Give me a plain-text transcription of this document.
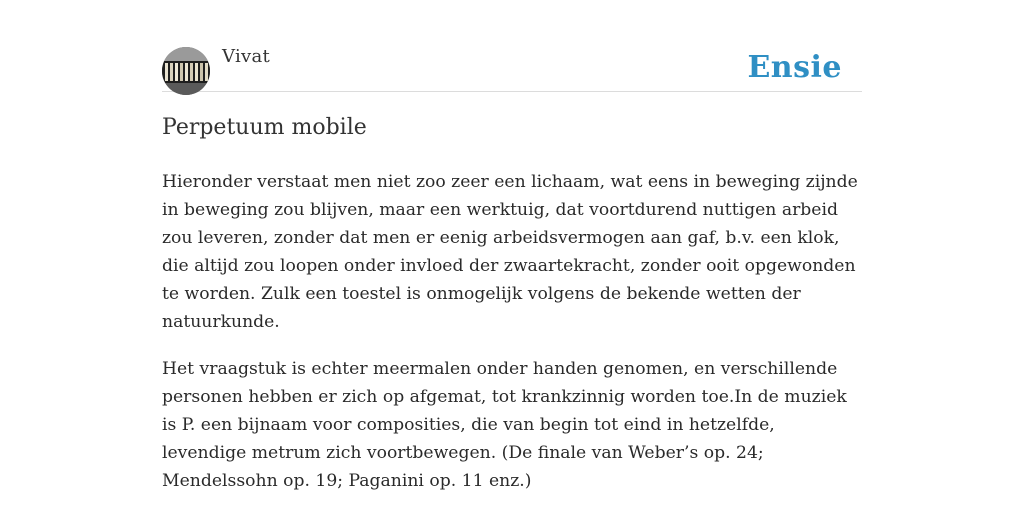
Vivat	Ensie
Perpetuum mobile

Hieronder verstaat men niet zoo zeer een lichaam, wat eens in beweging zijnde in beweging zou blijven, maar een werktuig, dat voortdurend nuttigen arbeid zou leveren, zonder dat men er eenig arbeidsvermogen aan gaf, b.v. een klok, die altijd zou loopen onder invloed der zwaartekracht, zonder ooit opgewonden te worden. Zulk een toestel is onmogelijk volgens de bekende wetten der natuurkunde.

Het vraagstuk is echter meermalen onder handen genomen, en verschillende personen hebben er zich op afgemat, tot krankzinnig worden toe.In de muziek is P. een bijnaam voor composities, die van begin tot eind in hetzelfde, levendige metrum zich voortbewegen. (De finale van Weber’s op. 24; Mendelssohn op. 19; Paganini op. 11 enz.)
